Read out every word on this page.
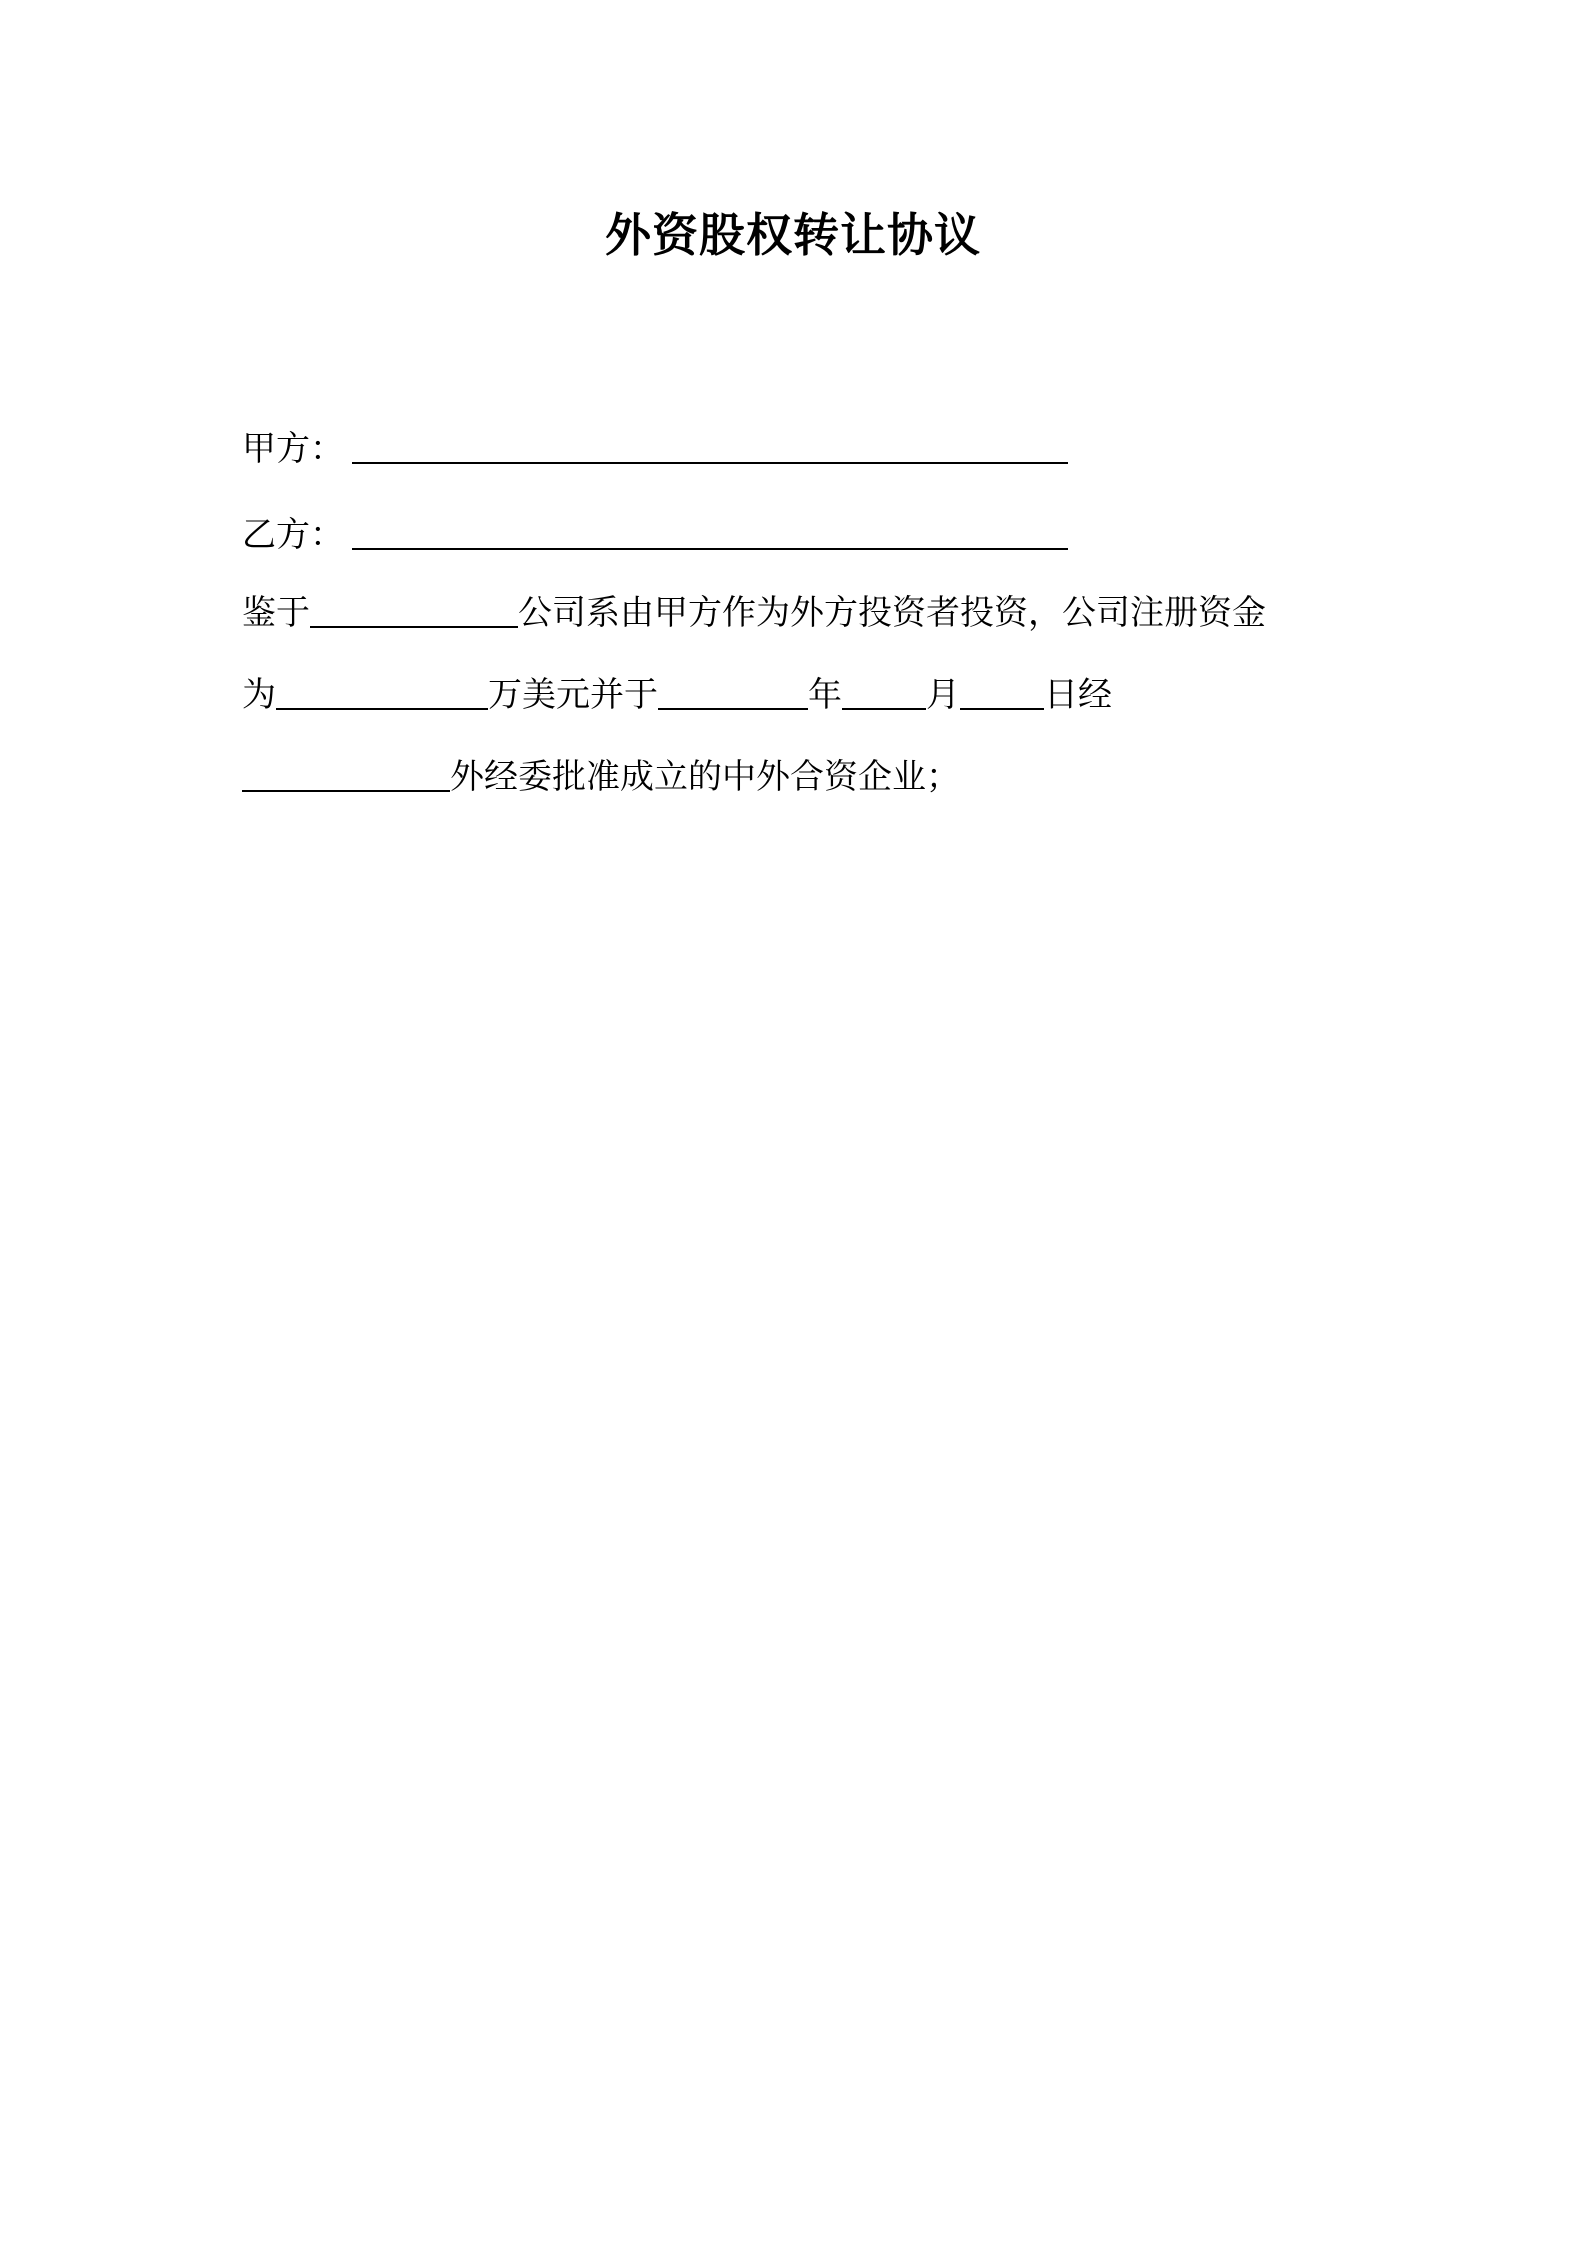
外资股权转让协议
甲方：
乙方：
鉴于	公司系由甲方作为外方投资者投资，公司注册资金
为	万美元并于	年 月 日经
外经委批准成立的中外合资企业；
